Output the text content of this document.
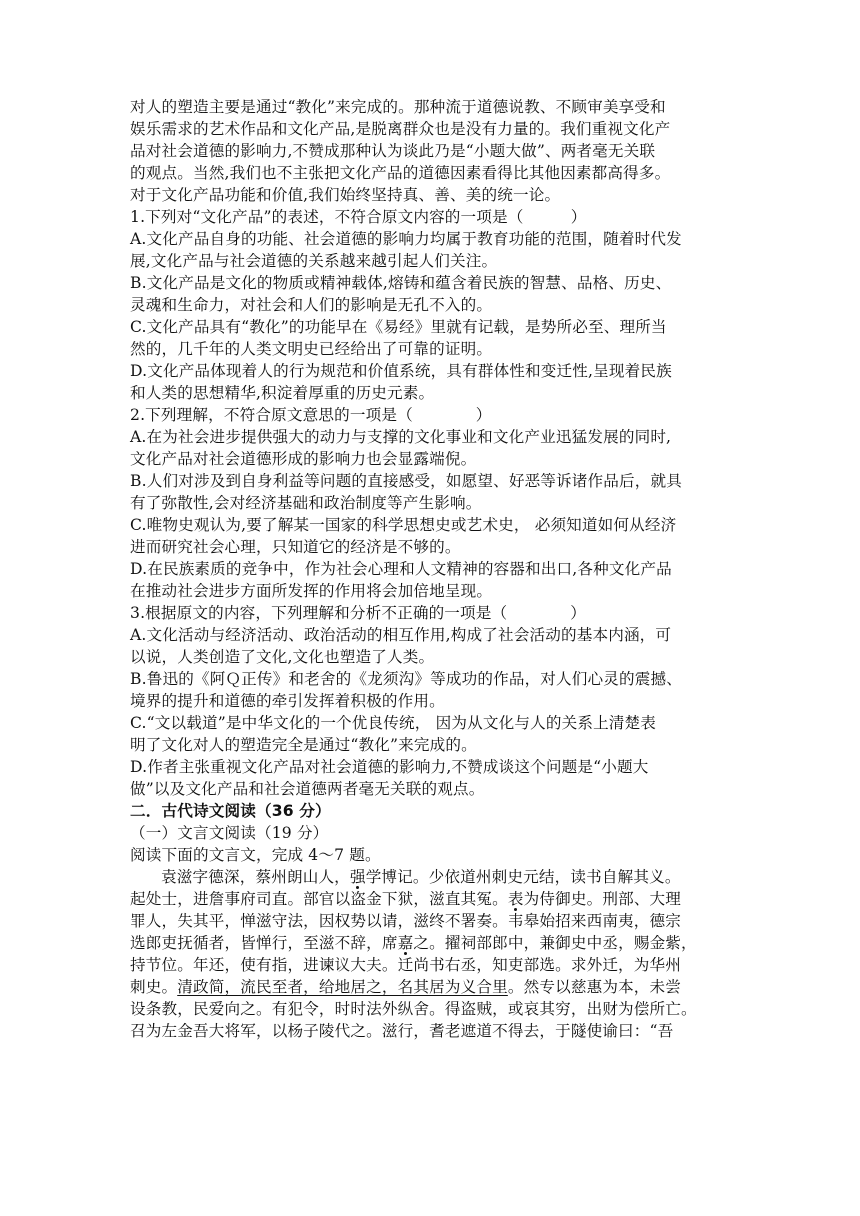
对人的塑造主要是通过“教化”来完成的。那种流于道德说教、不顾审美享受和
娱乐需求的艺术作品和文化产品,是脱离群众也是没有力量的。我们重视文化产
品对社会道德的影响力,不赞成那种认为谈此乃是“小题大做”、两者毫无关联
的观点。当然,我们也不主张把文化产品的道德因素看得比其他因素都高得多。
对于文化产品功能和价值,我们始终坚持真、善、美的统一论。
1.下列对“文化产品”的表述，不符合原文内容的一项是（　　　）
A.文化产品自身的功能、社会道德的影响力均属于教育功能的范围，随着时代发
展,文化产品与社会道德的关系越来越引起人们关注。
B.文化产品是文化的物质或精神载体,熔铸和蕴含着民族的智慧、品格、历史、
灵魂和生命力，对社会和人们的影响是无孔不入的。
C.文化产品具有“教化”的功能早在《易经》里就有记载，是势所必至、理所当
然的，几千年的人类文明史已经给出了可靠的证明。
D.文化产品体现着人的行为规范和价值系统，具有群体性和变迁性,呈现着民族
和人类的思想精华,积淀着厚重的历史元素。
2.下列理解，不符合原文意思的一项是（　　　　）
A.在为社会进步提供强大的动力与支撑的文化事业和文化产业迅猛发展的同时,
文化产品对社会道德形成的影响力也会显露端倪。
B.人们对涉及到自身利益等问题的直接感受，如愿望、好恶等诉诸作品后，就具
有了弥散性,会对经济基础和政治制度等产生影响。
C.唯物史观认为,要了解某一国家的科学思想史或艺术史， 必须知道如何从经济
进而研究社会心理，只知道它的经济是不够的。
D.在民族素质的竞争中，作为社会心理和人文精神的容器和出口,各种文化产品
在推动社会进步方面所发挥的作用将会加倍地呈现。
3.根据原文的内容，下列理解和分析不正确的一项是（　　　　）
A.文化活动与经济活动、政治活动的相互作用,构成了社会活动的基本内涵，可
以说，人类创造了文化,文化也塑造了人类。
B.鲁迅的《阿Ｑ正传》和老舍的《龙须沟》等成功的作品，对人们心灵的震撼、
境界的提升和道德的牵引发挥着积极的作用。
C.“文以载道”是中华文化的一个优良传统， 因为从文化与人的关系上清楚表
明了文化对人的塑造完全是通过“教化”来完成的。
D.作者主张重视文化产品对社会道德的影响力,不赞成谈这个问题是“小题大
做”以及文化产品和社会道德两者毫无关联的观点。
二．古代诗文阅读（36 分）
（一）文言文阅读（19 分）
阅读下面的文言文，完成 4～7 题。
袁滋字德深，蔡州朗山人，强学博记。少依道州刺史元结，读书自解其义。
起处士，进詹事府司直。部官以盗金下狱，滋直其冤。表为侍御史。刑部、大理
罪人，失其平，惮滋守法，因权势以请，滋终不署奏。韦皋始招来西南夷，德宗
选郎吏抚循者，皆惮行，至滋不辞，席嘉之。擢祠部郎中，兼御史中丞，赐金紫，
持节位。年还，使有指，进谏议大夫。迁尚书右丞，知吏部选。求外迁，为华州
刺史。清政简，流民至者，给地居之，名其居为义合里。然专以慈惠为本，未尝
设条教，民爱向之。有犯令，时时法外纵舍。得盗贼，或哀其穷，出财为偿所亡。
召为左金吾大将军，以杨子陵代之。滋行，耆老遮道不得去，于隧使谕曰：“吾
